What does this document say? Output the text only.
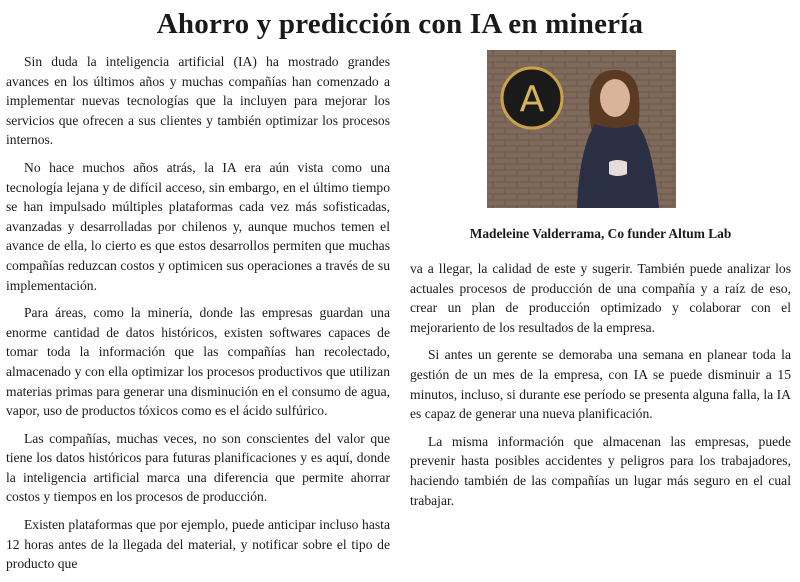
Ahorro y predicción con IA en minería

Sin duda la inteligencia artificial (IA) ha mostrado grandes avances en los últimos años y muchas compañías han comenzado a implementar nuevas tecnologías que la incluyen para mejorar los servicios que ofrecen a sus clientes y también optimizar los procesos internos.

No hace muchos años atrás, la IA era aún vista como una tecnología lejana y de difícil acceso, sin embargo, en el último tiempo se han impulsado múltiples plataformas cada vez más sofisticadas, avanzadas y desarrolladas por chilenos y, aunque muchos temen el avance de ella, lo cierto es que estos desarrollos permiten que muchas compañías reduzcan costos y optimicen sus operaciones a través de su implementación.

Para áreas, como la minería, donde las empresas guardan una enorme cantidad de datos históricos, existen softwares capaces de tomar toda la información que las compañías han recolectado, almacenado y con ella optimizar los procesos productivos que utilizan materias primas para generar una disminución en el consumo de agua, vapor, uso de productos tóxicos como es el ácido sulfúrico.

Las compañías, muchas veces, no son conscientes del valor que tiene los datos históricos para futuras planificaciones y es aquí, donde la inteligencia artificial marca una diferencia que permite ahorrar costos y tiempos en los procesos de producción.

Existen plataformas que por ejemplo, puede anticipar incluso hasta 12 horas antes de la llegada del material, y notificar sobre el tipo de producto que

A
Madeleine Valderrama, Co funder Altum Lab

va a llegar, la calidad de este y sugerir. También puede analizar los actuales procesos de producción de una compañía y a raíz de eso, crear un plan de producción optimizado y colaborar con el mejorariento de los resultados de la empresa.

Si antes un gerente se demoraba una semana en planear toda la gestión de un mes de la empresa, con IA se puede disminuir a 15 minutos, incluso, si durante ese período se presenta alguna falla, la IA es capaz de generar una nueva planificación.

La misma información que almacenan las empresas, puede prevenir hasta posibles accidentes y peligros para los trabajadores, haciendo también de las compañías un lugar más seguro en el cual trabajar.
